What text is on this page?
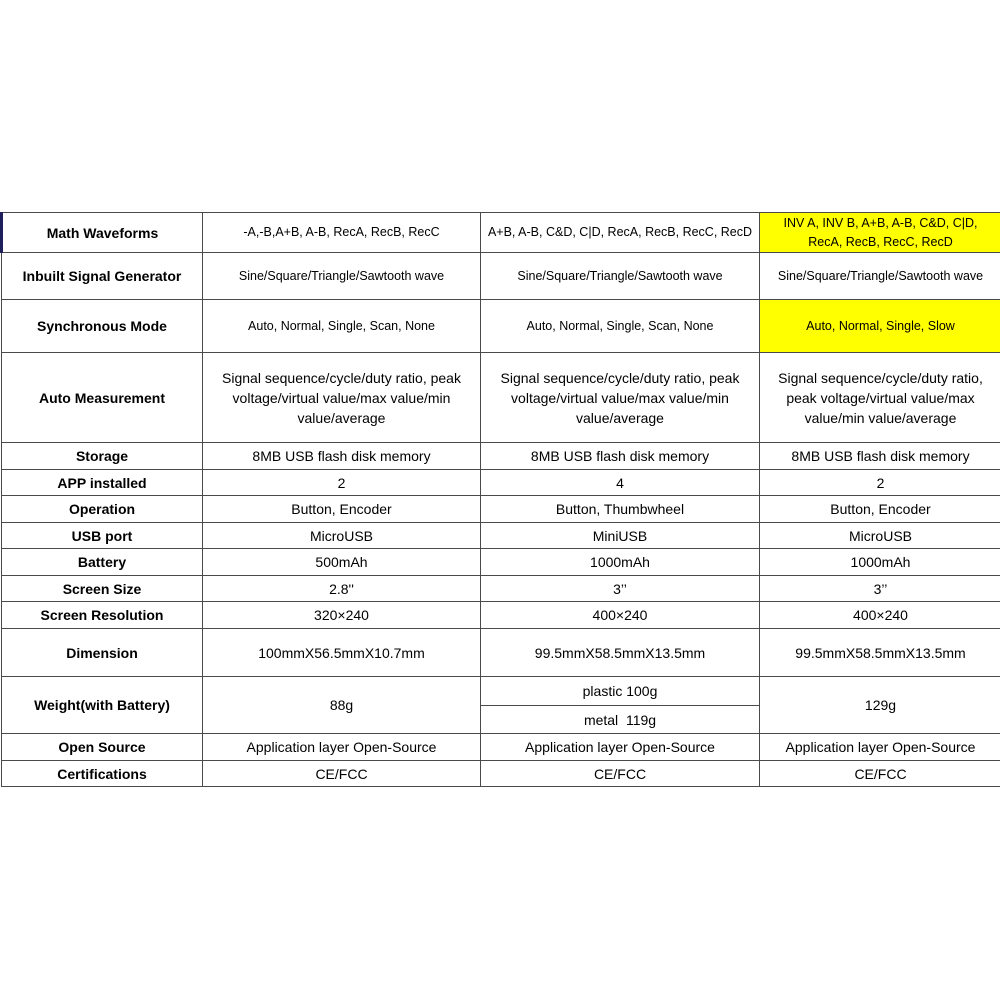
Math Waveforms	-A,-B,A+B, A-B, RecA, RecB, RecC	A+B, A-B, C&D, C|D, RecA, RecB, RecC, RecD	INV A, INV B, A+B, A-B, C&D, C|D, RecA, RecB, RecC, RecD
Inbuilt Signal Generator	Sine/Square/Triangle/Sawtooth wave	Sine/Square/Triangle/Sawtooth wave	Sine/Square/Triangle/Sawtooth wave
Synchronous Mode	Auto, Normal, Single, Scan, None	Auto, Normal, Single, Scan, None	Auto, Normal, Single, Slow
Auto Measurement	Signal sequence/cycle/duty ratio, peak voltage/virtual value/max value/min value/average	Signal sequence/cycle/duty ratio, peak voltage/virtual value/max value/min value/average	Signal sequence/cycle/duty ratio, peak voltage/virtual value/max value/min value/average
Storage	8MB USB flash disk memory	8MB USB flash disk memory	8MB USB flash disk memory
APP installed	2	4	2
Operation	Button, Encoder	Button, Thumbwheel	Button, Encoder
USB port	MicroUSB	MiniUSB	MicroUSB
Battery	500mAh	1000mAh	1000mAh
Screen Size	2.8''	3’’	3’’
Screen Resolution	320×240	400×240	400×240
Dimension	100mmX56.5mmX10.7mm	99.5mmX58.5mmX13.5mm	99.5mmX58.5mmX13.5mm
Weight(with Battery)	88g	plastic 100g	129g
		metal  119g	
Open Source	Application layer Open-Source	Application layer Open-Source	Application layer Open-Source
Certifications	CE/FCC	CE/FCC	CE/FCC
